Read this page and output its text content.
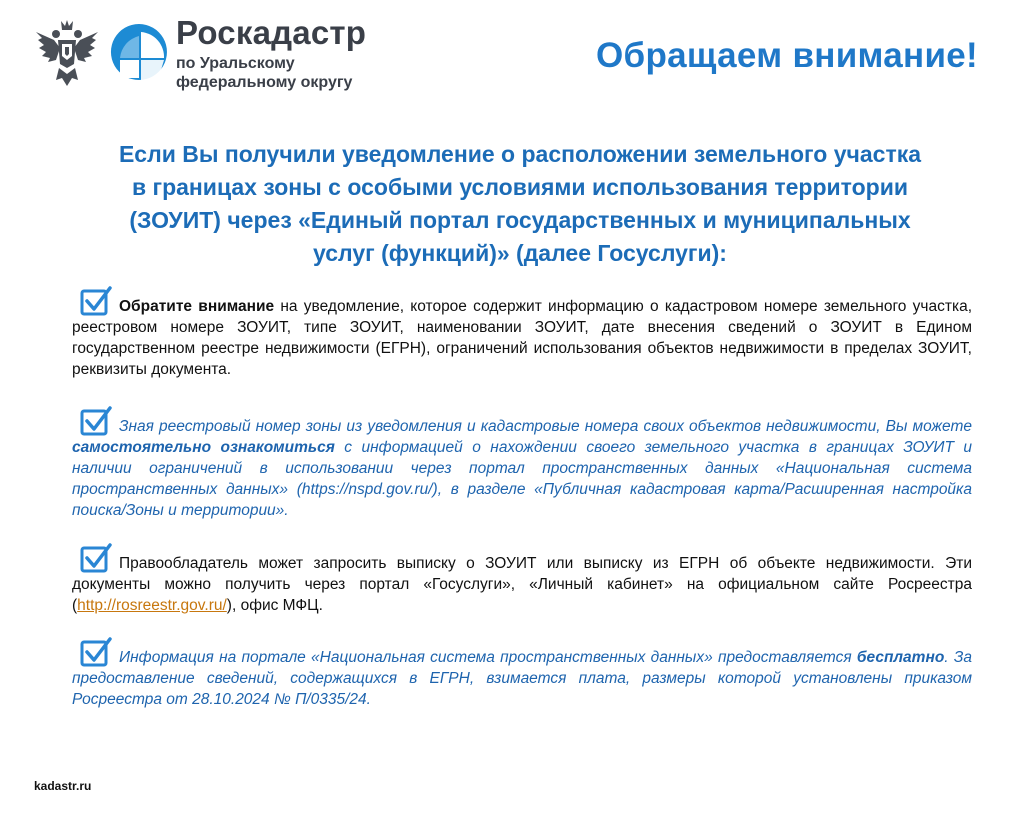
Роскадастр
по Уральскому
федеральному округу
Обращаем внимание!
Если Вы получили уведомление о расположении земельного участка
в границах зоны с особыми условиями использования территории
(ЗОУИТ) через «Единый портал государственных и муниципальных
услуг (функций)» (далее Госуслуги):
Обратите внимание на уведомление, которое содержит информацию о кадастровом номере земельного участка, реестровом номере ЗОУИТ, типе ЗОУИТ, наименовании ЗОУИТ, дате внесения сведений о ЗОУИТ в Едином государственном реестре недвижимости (ЕГРН), ограничений использования объектов недвижимости в пределах ЗОУИТ, реквизиты документа.
Зная реестровый номер зоны из уведомления и кадастровые номера своих объектов недвижимости, Вы можете самостоятельно ознакомиться с информацией о нахождении своего земельного участка в границах ЗОУИТ и наличии ограничений в использовании через портал пространственных данных «Национальная система пространственных данных» (https://nspd.gov.ru/), в разделе «Публичная кадастровая карта/Расширенная настройка поиска/Зоны и территории».
Правообладатель может запросить выписку о ЗОУИТ или выписку из ЕГРН об объекте недвижимости. Эти документы можно получить через портал «Госуслуги», «Личный кабинет» на официальном сайте Росреестра (http://rosreestr.gov.ru/), офис МФЦ.
Информация на портале «Национальная система пространственных данных» предоставляется бесплатно. За предоставление сведений, содержащихся в ЕГРН, взимается плата, размеры которой установлены приказом Росреестра от 28.10.2024 № П/0335/24.
kadastr.ru
